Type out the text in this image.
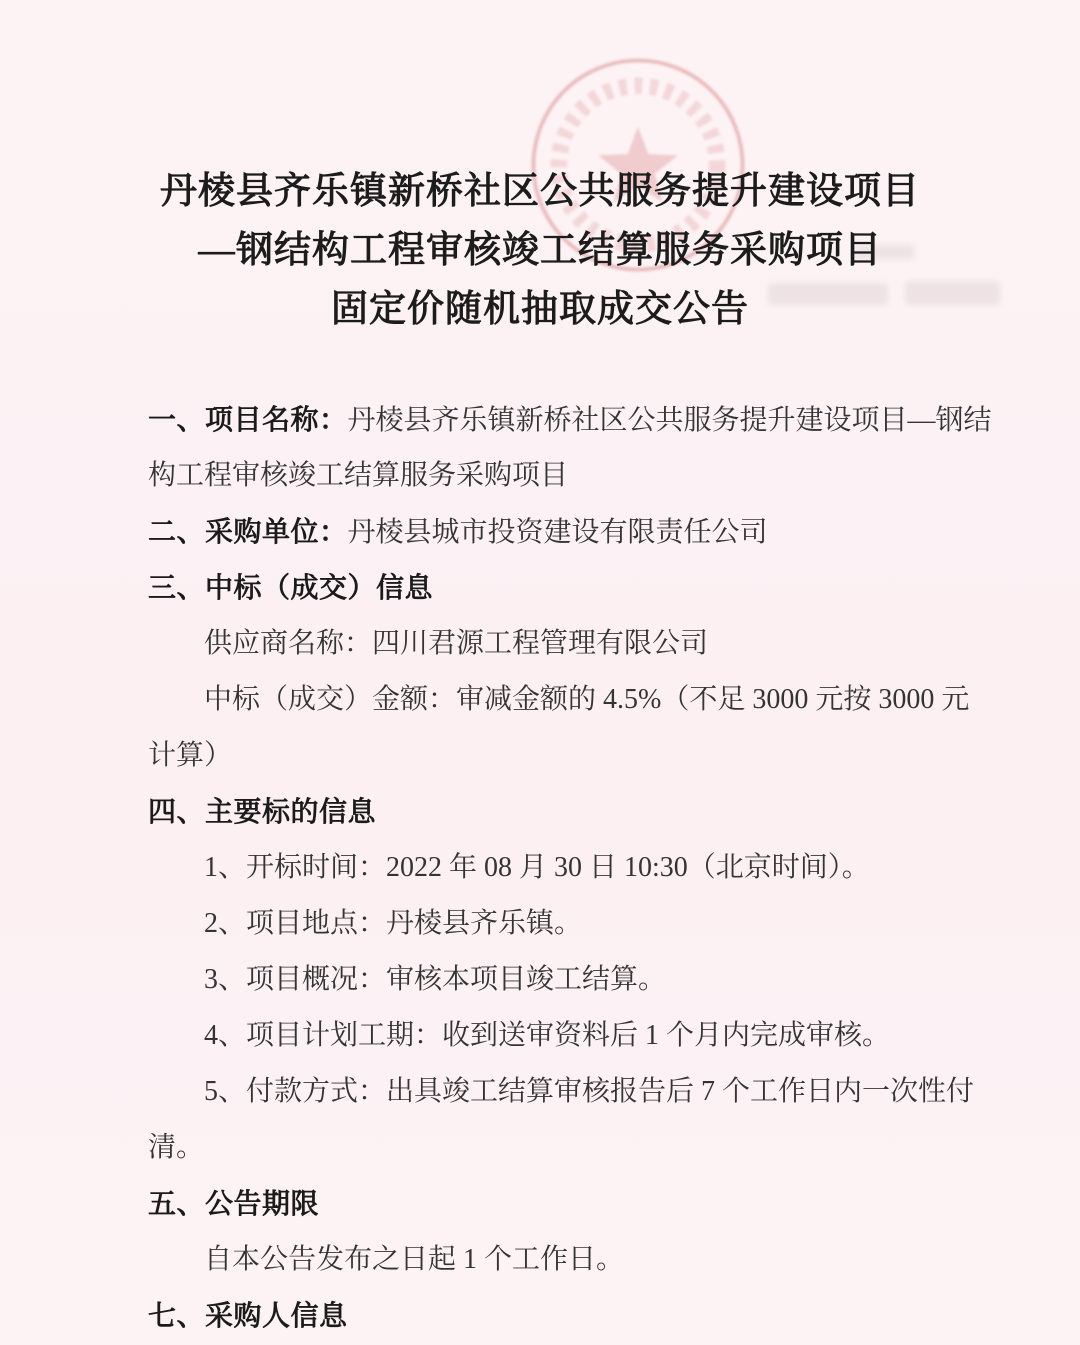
丹棱县齐乐镇新桥社区公共服务提升建设项目
—钢结构工程审核竣工结算服务采购项目
固定价随机抽取成交公告
一、项目名称：丹棱县齐乐镇新桥社区公共服务提升建设项目—钢结
构工程审核竣工结算服务采购项目
二、采购单位：丹棱县城市投资建设有限责任公司
三、中标（成交）信息
供应商名称：四川君源工程管理有限公司
中标（成交）金额：审减金额的 4.5%（不足 3000 元按 3000 元
计算）
四、主要标的信息
1、开标时间：2022 年 08 月 30 日 10:30（北京时间）。
2、项目地点：丹棱县齐乐镇。
3、项目概况：审核本项目竣工结算。
4、项目计划工期：收到送审资料后 1 个月内完成审核。
5、付款方式：出具竣工结算审核报告后 7 个工作日内一次性付
清。
五、公告期限
自本公告发布之日起 1 个工作日。
七、采购人信息
